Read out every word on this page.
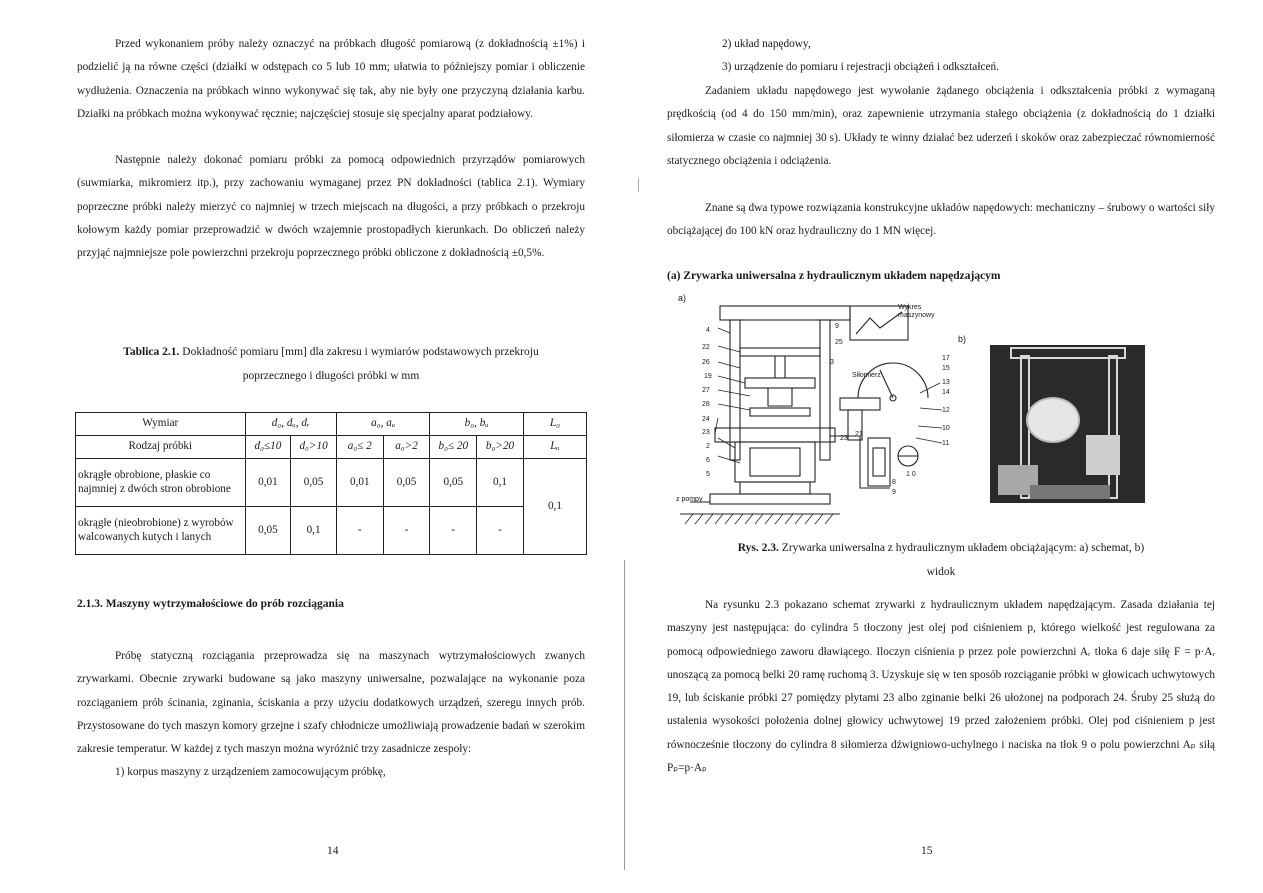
Przed wykonaniem próby należy oznaczyć na próbkach długość pomiarową (z dokładnością ±1%) i podzielić ją na równe części (działki w odstępach co 5 lub 10 mm; ułatwia to późniejszy pomiar i obliczenie wydłużenia. Oznaczenia na próbkach winno wykonywać się tak, aby nie były one przyczyną działania karbu. Działki na próbkach można wykonywać ręcznie; najczęściej stosuje się specjalny aparat podziałowy.

Następnie należy dokonać pomiaru próbki za pomocą odpowiednich przyrządów pomiarowych (suwmiarka, mikromierz itp.), przy zachowaniu wymaganej przez PN dokładności (tablica 2.1). Wymiary poprzeczne próbki należy mierzyć co najmniej w trzech miejscach na długości, a przy próbkach o przekroju kołowym każdy pomiar przeprowadzić w dwóch wzajemnie prostopadłych kierunkach. Do obliczeń należy przyjąć najmniejsze pole powierzchni przekroju poprzecznego próbki obliczone z dokładnością ±0,5%.

Tablica 2.1. Dokładność pomiaru [mm] dla zakresu i wymiarów podstawowych przekroju
poprzecznego i długości próbki w mm
Wymiar	d₀, dᵤ, dᵣ		a₀, aᵤ		b₀, bᵤ		L₀
Rodzaj próbki	d₀≤10	d₀>10	a₀≤ 2	a₀>2	b₀≤ 20	b₀>20	Lᵤ
okrągłe obrobione, płaskie co najmniej z dwóch stron obrobione	0,01	0,05	0,01	0,05	0,05	0,1	0,1
okrągłe (nieobrobione) z wyrobów walcowanych kutych i lanych	0,05	0,1	-	-	-	-	
2.1.3. Maszyny wytrzymałościowe do prób rozciągania

Próbę statyczną rozciągania przeprowadza się na maszynach wytrzymałościowych zwanych zrywarkami. Obecnie zrywarki budowane są jako maszyny uniwersalne, pozwalające na wykonanie poza rozciąganiem prób ścinania, zginania, ściskania a przy użyciu dodatkowych urządzeń, szeregu innych prób. Przystosowane do tych maszyn komory grzejne i szafy chłodnicze umożliwiają prowadzenie badań w szerokim zakresie temperatur. W każdej z tych maszyn można wyróżnić trzy zasadnicze zespoły:

1) korpus maszyny z urządzeniem zamocowującym próbkę,

14

2) układ napędowy,

3) urządzenie do pomiaru i rejestracji obciążeń i odkształceń.

Zadaniem układu napędowego jest wywołanie żądanego obciążenia i odkształcenia próbki z wymaganą prędkością (od 4 do 150 mm/min), oraz zapewnienie utrzymania stałego obciążenia (z dokładnością do 1 działki siłomierza w czasie co najmniej 30 s). Układy te winny działać bez uderzeń i skoków oraz zabezpieczać równomierność statycznego obciążenia i odciążenia.

Znane są dwa typowe rozwiązania konstrukcyjne układów napędowych: mechaniczny – śrubowy o wartości siły obciążającej do 100 kN oraz hydrauliczny do 1 MN więcej.

(a) Zrywarka uniwersalna z hydraulicznym układem napędzającym
a)
b)
Wykres maszynowy
Siłomierz
z pompy
4
22
26
19
27
28
24
23
2
6
5
9
25
3
17
15
13
14
12
10
11
1 0
21
23
8
9
Rys. 2.3. Zrywarka uniwersalna z hydraulicznym układem obciążającym: a) schemat, b)
widok

Na rysunku 2.3 pokazano schemat zrywarki z hydraulicznym układem napędzającym. Zasada działania tej maszyny jest następująca: do cylindra 5 tłoczony jest olej pod ciśnieniem p, którego wielkość jest regulowana za pomocą odpowiedniego zaworu dławiącego. Iloczyn ciśnienia p przez pole powierzchni Aᵣ tłoka 6 daje siłę F = p·Aᵣ unoszącą za pomocą belki 20 ramę ruchomą 3. Uzyskuje się w ten sposób rozciąganie próbki w głowicach uchwytowych 19, lub ściskanie próbki 27 pomiędzy płytami 23 albo zginanie belki 26 ułożonej na podporach 24. Śruby 25 służą do ustalenia wysokości położenia dolnej głowicy uchwytowej 19 przed założeniem próbki. Olej pod ciśnieniem p jest równocześnie tłoczony do cylindra 8 siłomierza dźwigniowo-uchylnego i naciska na tłok 9 o polu powierzchni Aₚ siłą Pₚ=p·Aₚ

15
